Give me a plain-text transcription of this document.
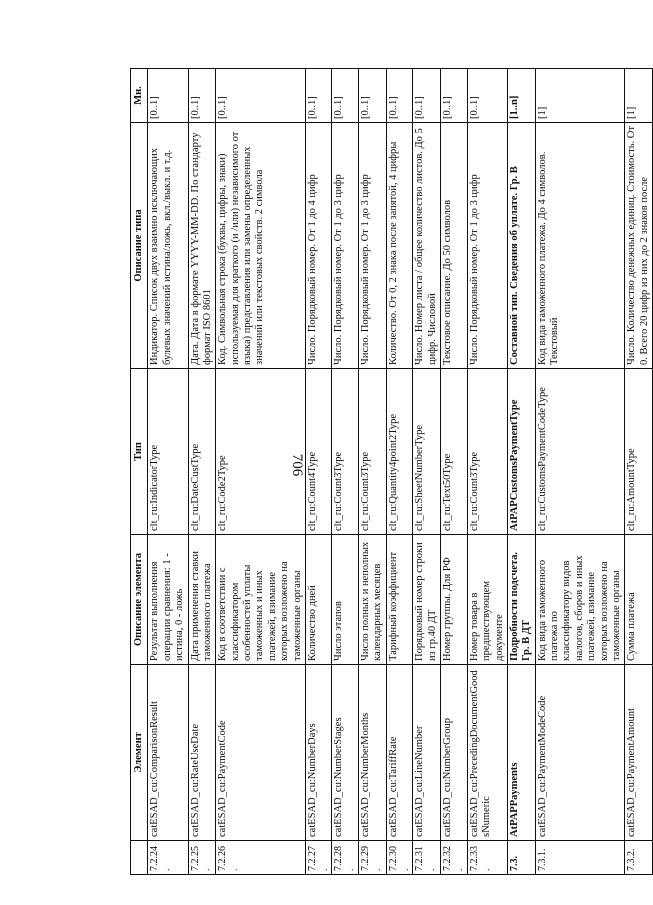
706
	Элемент	Описание элемента	Тип	Описание типа	Мн.
7.2.24.	catESAD_cu:ComparisonResult	Результат выполнения операции сравнения: 1 - истина, 0 - ложь	clt_ru:IndicatorType	Индикатор. Список двух взаимно исключающих булевых значений истина/ложь, вкл./выкл. и т.д.	[0..1]
7.2.25.	catESAD_cu:RateUseDate	Дата применения ставки таможенного платежа	clt_ru:DateCustType	Дата. Дата в формате YYYY-MM-DD. По стандарту формат ISO 8601	[0..1]
7.2.26.	catESAD_cu:PaymentCode	Код в соответствии с классификатором особенностей уплаты таможенных и иных платежей, взимание которых возложено на таможенные органы	clt_ru:Code2Type	Код. Символьная строка (буквы, цифры, знаки) используемая для краткого (и /или) независимого от языка) представления или замены определенных значений или текстовых свойств. 2 символа	[0..1]
7.2.27.	catESAD_cu:NumberDays	Количество дней	clt_ru:Count4Type	Число. Порядковый номер. От 1 до 4 цифр	[0..1]
7.2.28.	catESAD_cu:NumberStages	Число этапов	clt_ru:Count3Type	Число. Порядковый номер. От 1 до 3 цифр	[0..1]
7.2.29.	catESAD_cu:NumberMonths	Число полных и неполных календарных месяцев	clt_ru:Count3Type	Число. Порядковый номер. От 1 до 3 цифр	[0..1]
7.2.30.	catESAD_cu:TariffRate	Тарифный коэффициент	clt_ru:Quantity4point2Type	Количество. От 0, 2 знака после запятой, 4 цифры	[0..1]
7.2.31.	catESAD_cu:LineNumber	Порядковый номер строки из гр.40 ДТ	clt_ru:SheetNumberType	Число. Номер листа / общее количество листов. До 5 цифр. Числовой	[0..1]
7.2.32.	catESAD_cu:NumberGroup	Номер группы. Для РФ	clt_ru:Text50Type	Текстовое описание. До 50 символов	[0..1]
7.2.33.	catESAD_cu:PrecedingDocumentGoodsNumeric	Номер товара в предшествующем документе	clt_ru:Count3Type	Число. Порядковый номер. От 1 до 3 цифр	[0..1]
7.3.	AtPAPPayments	Подробности подсчета. Гр. В ДТ	AtPAPCustomsPaymentType	Составной тип. Сведения об уплате. Гр. В	[1..n]
7.3.1.	catESAD_cu:PaymentModeCode	Код вида таможенного платежа по классификатору видов налогов, сборов и иных платежей, взимание которых возложено на таможенные органы	clt_ru:CustomsPaymentCodeType	Код вида таможенного платежа. До 4 символов. Текстовый	[1]
7.3.2.	catESAD_cu:PaymentAmount	Сумма платежа	clt_ru:AmountType	Число. Количество денежных единиц. Стоимость. От 0. Всего 20 цифр из них до 2 знаков после	[1]
